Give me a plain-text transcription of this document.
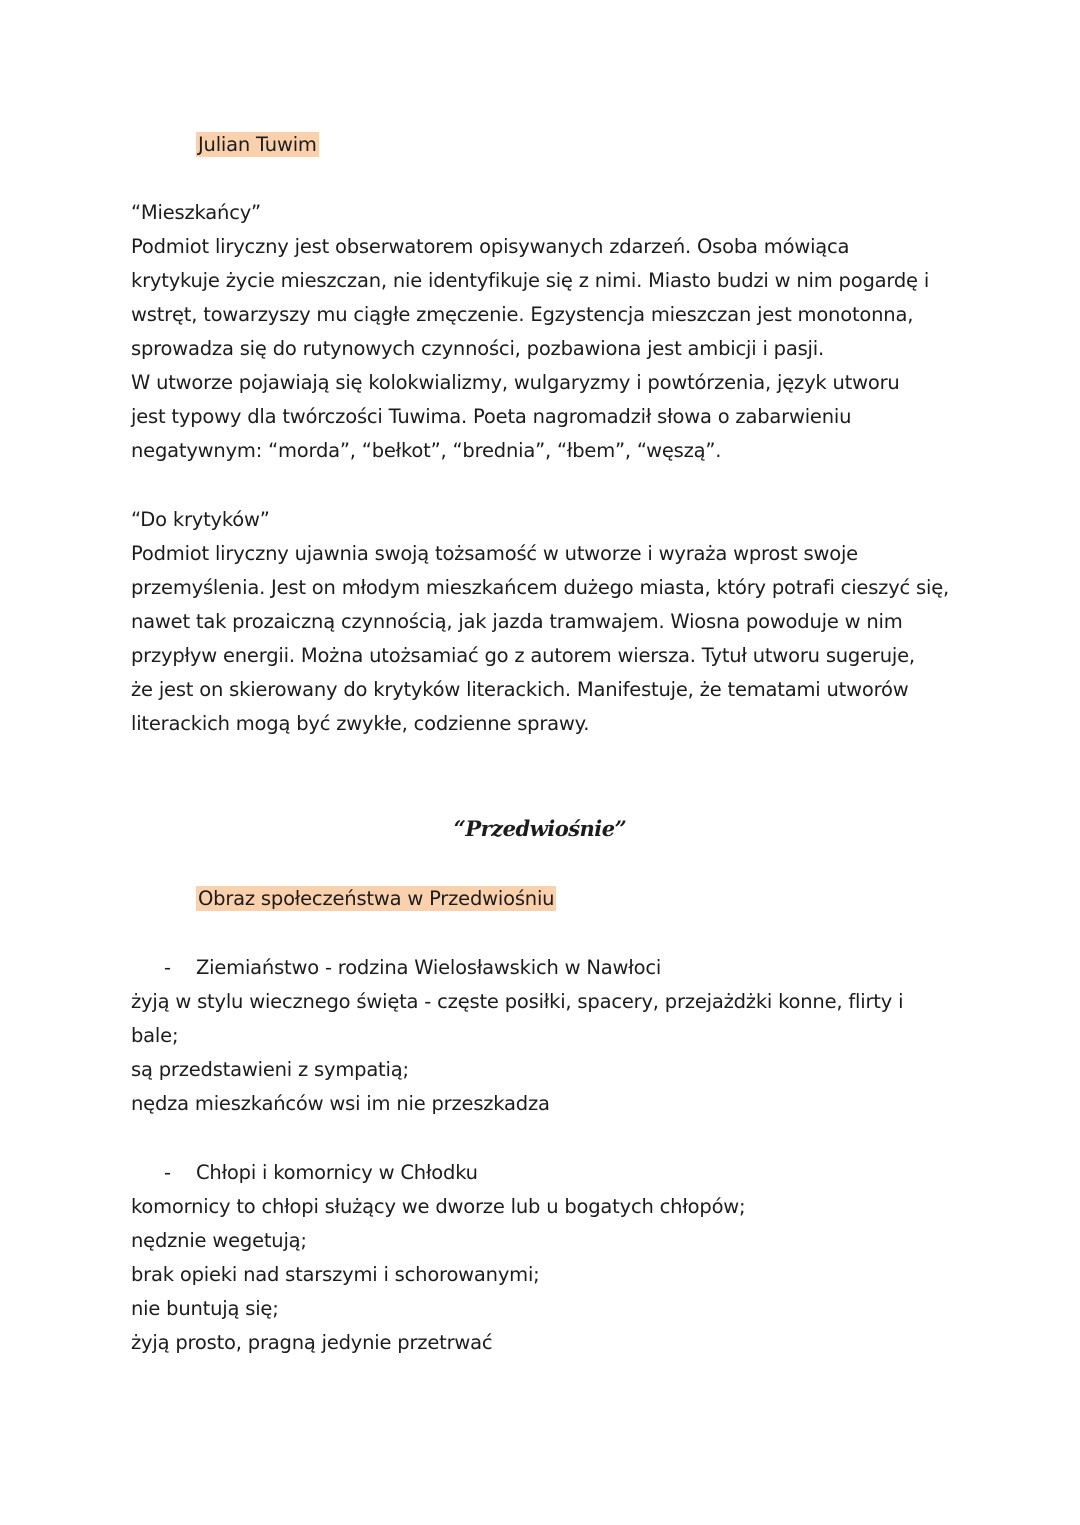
Julian Tuwim
“Mieszkańcy”
Podmiot liryczny jest obserwatorem opisywanych zdarzeń. Osoba mówiąca
krytykuje życie mieszczan, nie identyfikuje się z nimi. Miasto budzi w nim pogardę i
wstręt, towarzyszy mu ciągłe zmęczenie. Egzystencja mieszczan jest monotonna,
sprowadza się do rutynowych czynności, pozbawiona jest ambicji i pasji.
W utworze pojawiają się kolokwializmy, wulgaryzmy i powtórzenia, język utworu
jest typowy dla twórczości Tuwima. Poeta nagromadził słowa o zabarwieniu
negatywnym: “morda”, “bełkot”, “brednia”, “łbem”, “węszą”.
“Do krytyków”
Podmiot liryczny ujawnia swoją tożsamość w utworze i wyraża wprost swoje
przemyślenia. Jest on młodym mieszkańcem dużego miasta, który potrafi cieszyć się,
nawet tak prozaiczną czynnością, jak jazda tramwajem. Wiosna powoduje w nim
przypływ energii. Można utożsamiać go z autorem wiersza. Tytuł utworu sugeruje,
że jest on skierowany do krytyków literackich. Manifestuje, że tematami utworów
literackich mogą być zwykłe, codzienne sprawy.
“Przedwiośnie”
Obraz społeczeństwa w Przedwiośniu
- Ziemiaństwo - rodzina Wielosławskich w Nawłoci
żyją w stylu wiecznego święta - częste posiłki, spacery, przejażdżki konne, flirty i
bale;
są przedstawieni z sympatią;
nędza mieszkańców wsi im nie przeszkadza
- Chłopi i komornicy w Chłodku
komornicy to chłopi służący we dworze lub u bogatych chłopów;
nędznie wegetują;
brak opieki nad starszymi i schorowanymi;
nie buntują się;
żyją prosto, pragną jedynie przetrwać
